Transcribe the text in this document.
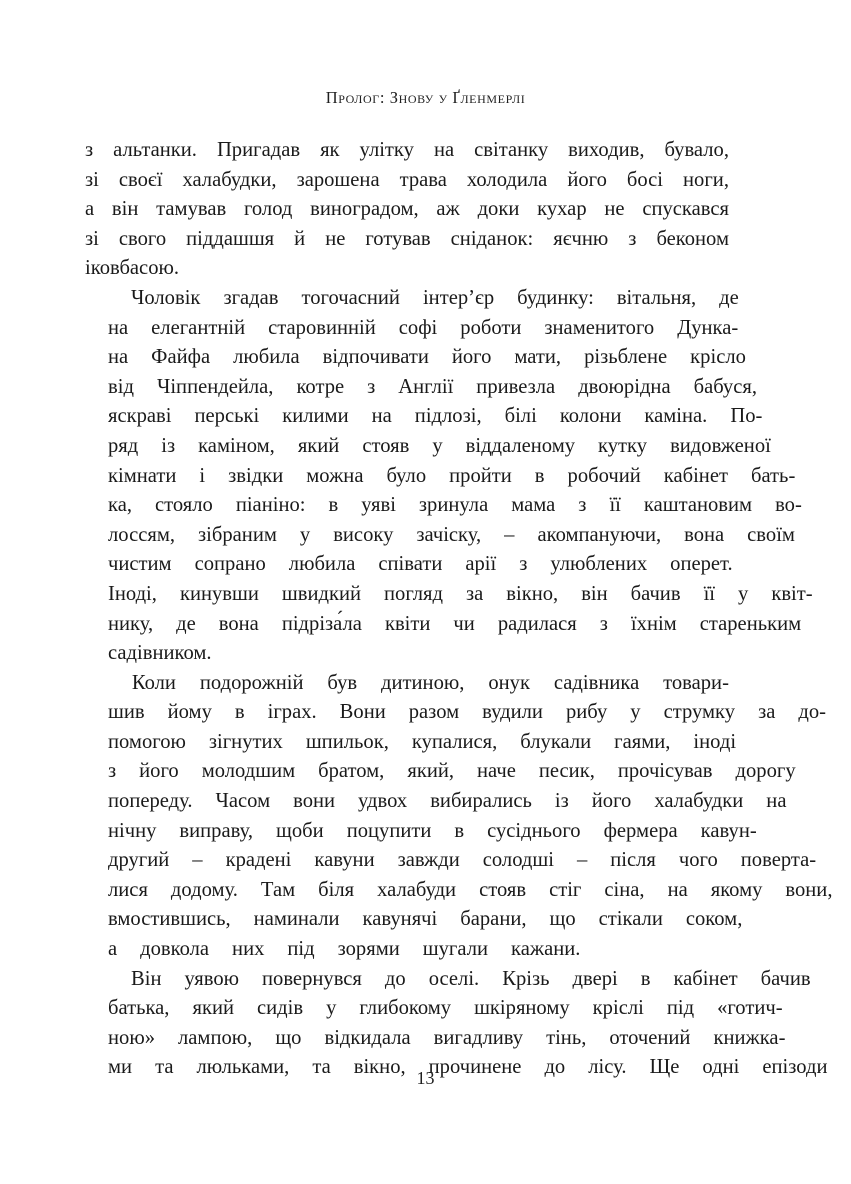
Пролог: Знову у Ґленмерлі
з альтанки. Пригадав як улітку на світанку виходив, бувало,
зі своєї халабудки, зарошена трава холодила його босі ноги,
а він тамував голод виноградом, аж доки кухар не спускався
зі свого піддашшя й не готував сніданок: яєчню з беконом
і ковбасою.
Чоловік	згадав	тогочасний	інтер’єр	будинку:	вітальня,	де
на	елегантній	старовинній	софі	роботи	знаменитого	Дунка-
на	Файфа	любила	відпочивати	його	мати,	різьблене	крісло
від	Чіппендейла,	котре	з	Англії	привезла	двоюрідна	бабуся,
яскраві	перські	килими	на	підлозі,	білі	колони	каміна.	По-
ряд	із	каміном,	який	стояв	у	віддаленому	кутку	видовженої
кімнати	і	звідки	можна	було	пройти	в	робочий	кабінет	бать-
ка,	стояло	піаніно:	в	уяві	зринула	мама	з	її	каштановим	во-
лоссям,	зібраним	у	високу	зачіску,	–	акомпануючи,	вона	своїм
чистим	сопрано	любила	співати	арії	з	улюблених	оперет.
Іноді,	кинувши	швидкий	погляд	за	вікно,	він	бачив	її	у	квіт-
нику,	де	вона	підріза́ла	квіти	чи	радилася	з	їхнім	стареньким
садівником.
Коли	подорожній	був	дитиною,	онук	садівника	товари-
шив	йому	в	іграх.	Вони	разом	вудили	рибу	у	струмку	за	до-
помогою	зігнутих	шпильок,	купалися,	блукали	гаями,	іноді
з	його	молодшим	братом,	який,	наче	песик,	прочісував	дорогу
попереду.	Часом	вони	удвох	вибирались	із	його	халабудки	на
нічну	виправу,	щоби	поцупити	в	сусіднього	фермера	кавун-
другий	–	крадені	кавуни	завжди	солодші	–	після	чого	поверта-
лися	додому.	Там	біля	халабуди	стояв	стіг	сіна,	на	якому	вони,
вмостившись,	наминали	кавунячі	барани,	що	стікали	соком,
а	довкола	них	під	зорями	шугали	кажани.
Він	уявою	повернувся	до	оселі.	Крізь	двері	в	кабінет	бачив
батька,	який	сидів	у	глибокому	шкіряному	кріслі	під	«готич-
ною»	лампою,	що	відкидала	вигадливу	тінь,	оточений	книжка-
ми	та	люльками,	та	вікно,	прочинене	до	лісу.	Ще	одні	епізоди
13
